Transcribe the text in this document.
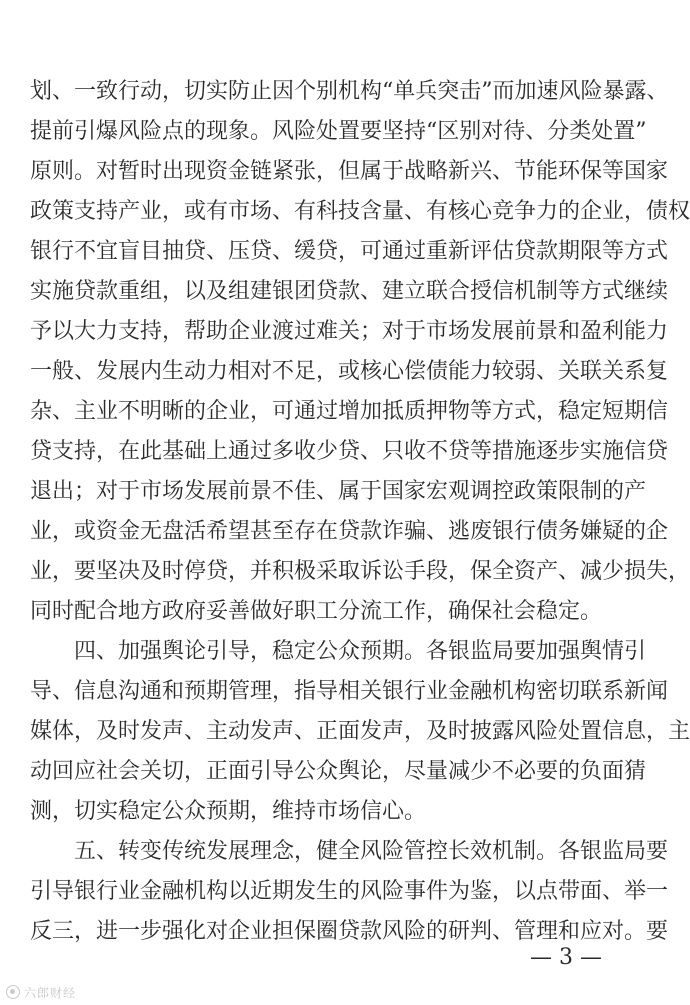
划、一致行动，切实防止因个别机构“单兵突击”而加速风险暴露、
提前引爆风险点的现象。风险处置要坚持“区别对待、分类处置”
原则。对暂时出现资金链紧张，但属于战略新兴、节能环保等国家
政策支持产业，或有市场、有科技含量、有核心竞争力的企业，债权
银行不宜盲目抽贷、压贷、缓贷，可通过重新评估贷款期限等方式
实施贷款重组，以及组建银团贷款、建立联合授信机制等方式继续
予以大力支持，帮助企业渡过难关；对于市场发展前景和盈利能力
一般、发展内生动力相对不足，或核心偿债能力较弱、关联关系复
杂、主业不明晰的企业，可通过增加抵质押物等方式，稳定短期信
贷支持，在此基础上通过多收少贷、只收不贷等措施逐步实施信贷
退出；对于市场发展前景不佳、属于国家宏观调控政策限制的产
业，或资金无盘活希望甚至存在贷款诈骗、逃废银行债务嫌疑的企
业，要坚决及时停贷，并积极采取诉讼手段，保全资产、减少损失，
同时配合地方政府妥善做好职工分流工作，确保社会稳定。
四、加强舆论引导，稳定公众预期。各银监局要加强舆情引
导、信息沟通和预期管理，指导相关银行业金融机构密切联系新闻
媒体，及时发声、主动发声、正面发声，及时披露风险处置信息，主
动回应社会关切，正面引导公众舆论，尽量减少不必要的负面猜
测，切实稳定公众预期，维持市场信心。
五、转变传统发展理念，健全风险管控长效机制。各银监局要
引导银行业金融机构以近期发生的风险事件为鉴，以点带面、举一
反三，进一步强化对企业担保圈贷款风险的研判、管理和应对。要
— 3 —
六郎财经
